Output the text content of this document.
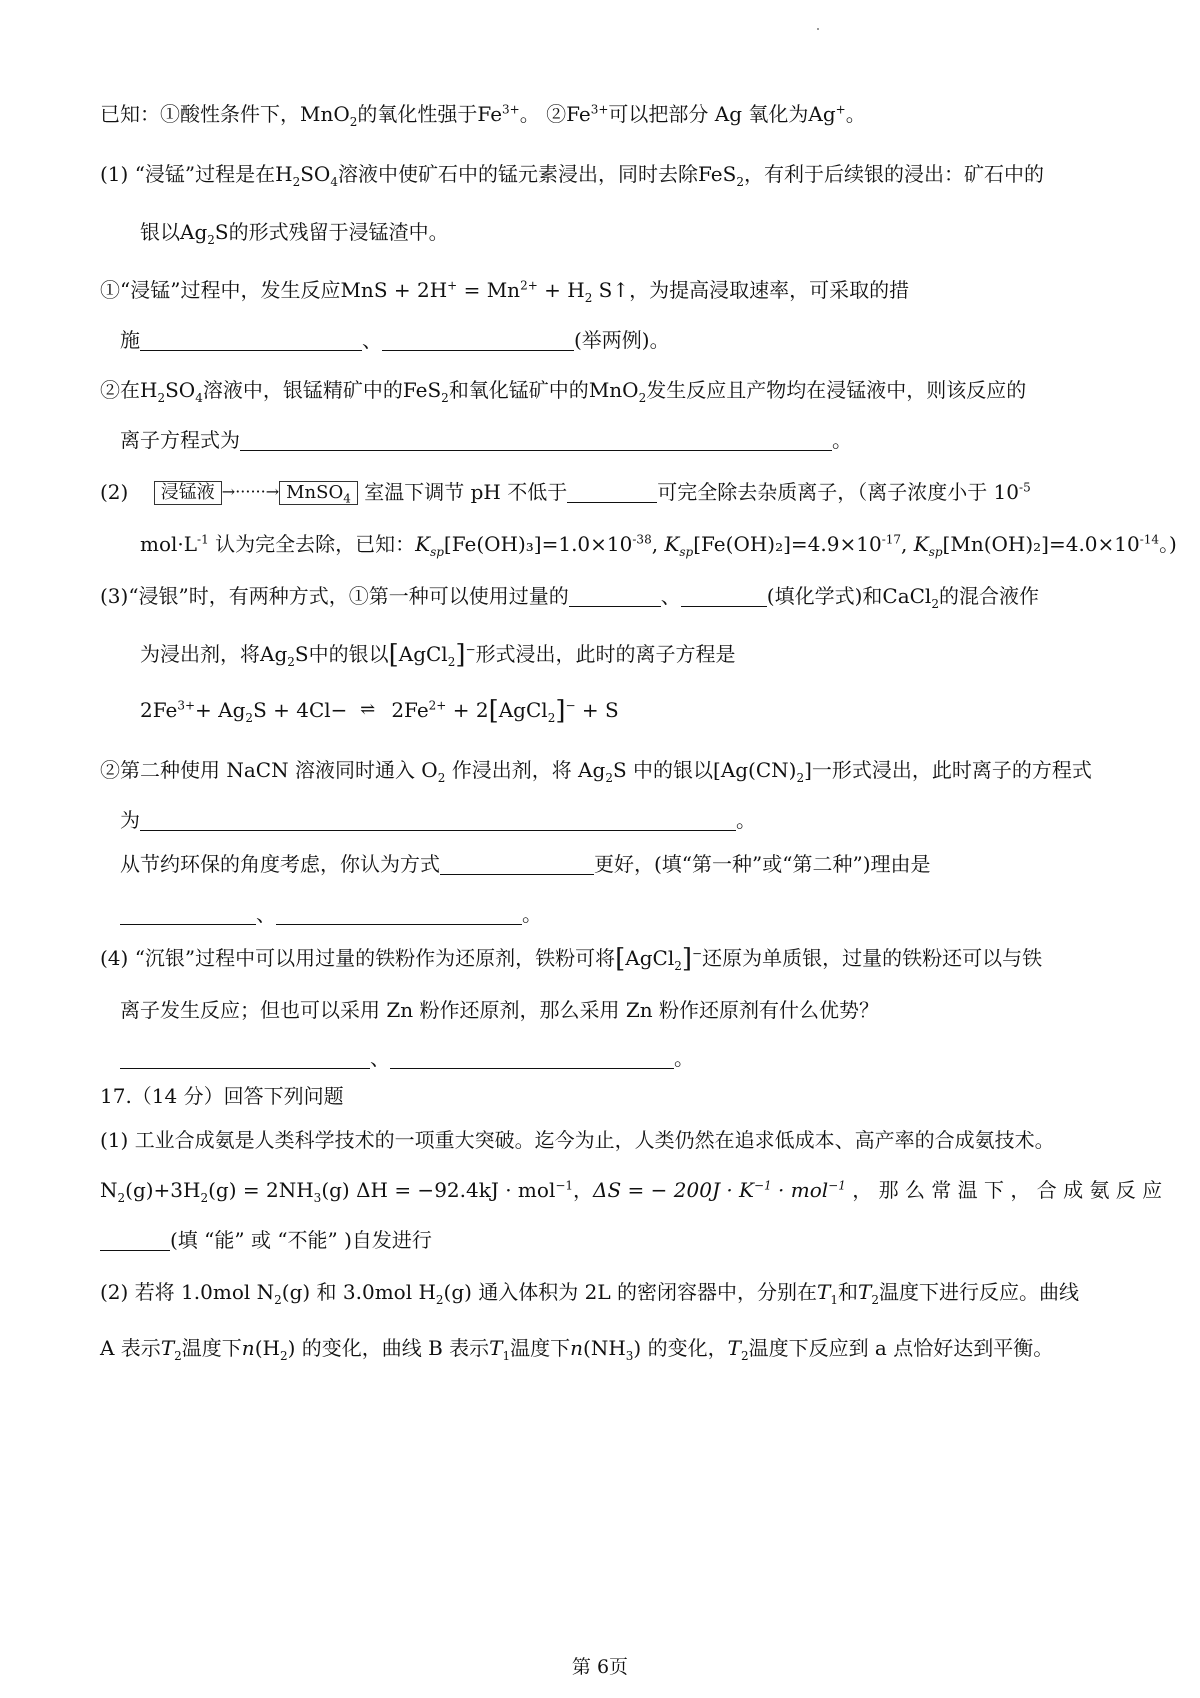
已知：①酸性条件下，MnO$_2$的氧化性强于$Fe^{3+}$。 $②Fe^{3+}$可以把部分 Ag 氧化为Ag+。
(1) “浸锰”过程是在$H_2SO_4$溶液中使矿石中的锰元素浸出，同时去除FeS$_2$，有利于后续银的浸出：矿石中的
银以$Ag_2S$的形式残留于浸锰渣中。
①“浸锰”过程中，发生反应MnS + $2H^+ = Mn^{2+} + H_2$ S↑，为提高浸取速率，可采取的措
施	、	(举两例)。
②在$H_2SO_4$溶液中，银锰精矿中的FeS$_2$和氧化锰矿中的MnO$_2$发生反应且产物均在浸锰液中，则该反应的
离子方程式为	。
(2) 浸锰液 →······→ MnSO$_4$ 室温下调节 pH 不低于	可完全除去杂质离子，（离子浓度小于 $10^{-5}$
$mol\cdot L^{-1}$ 认为完全去除，已知：$K_{sp}[Fe(OH)_3]=1.0\times 10^{-38}$, $K_{sp}[Fe(OH)_2]=4.9\times 10^{-17}$, $K_{sp}[Mn(OH)_2]=4.0\times 10^{-14}$。)
(3)“浸银”时，有两种方式，①第一种可以使用过量的	、	(填化学式)和CaCl$_2$的混合液作
为浸出剂，将$Ag_2S$中的银以[AgCl$_2$]−形式浸出，此时的离子方程是
$2Fe^{3+}+ Ag_2S + 4Cl-$ ⇌ $2Fe^{2+}$ + 2[AgCl$_2$]− + S
②第二种使用 NaCN 溶液同时通入 $O_2$ 作浸出剂，将 $Ag_2S$ 中的银以$[Ag(CN)_2]$一形式浸出，此时离子的方程式
为	。
从节约环保的角度考虑，你认为方式	更好，(填“第一种”或“第二种”)理由是
、	。
(4) “沉银”过程中可以用过量的铁粉作为还原剂，铁粉可将[AgCl$_2$]−还原为单质银，过量的铁粉还可以与铁
离子发生反应；但也可以采用 Zn 粉作还原剂，那么采用 Zn 粉作还原剂有什么优势？
、	。
17.（14 分）回答下列问题
(1) 工业合成氨是人类科学技术的一项重大突破。迄今为止，人类仍然在追求低成本、高产率的合成氨技术。
$N_2(g)+3H_2(g) = 2NH_3(g) \Delta H = -92.4kJ \cdot mol^{-1}$，ΔS = − $200J \cdot K^{-1} \cdot mol^{-1}$ ， 那 么 常 温 下 ， 合 成 氨 反 应
(填 “能” 或 “不能” )自发进行
(2) 若将 1.0mol $N_2(g)$ 和 3.0mol $H_2(g)$ 通入体积为 2L 的密闭容器中，分别在$T_1$和$T_2$温度下进行反应。曲线
A 表示$T_2$温度下$n(H_2)$ 的变化，曲线 B 表示$T_1$温度下$n(NH_3)$ 的变化，$T_2$温度下反应到 a 点恰好达到平衡。
第 6页
